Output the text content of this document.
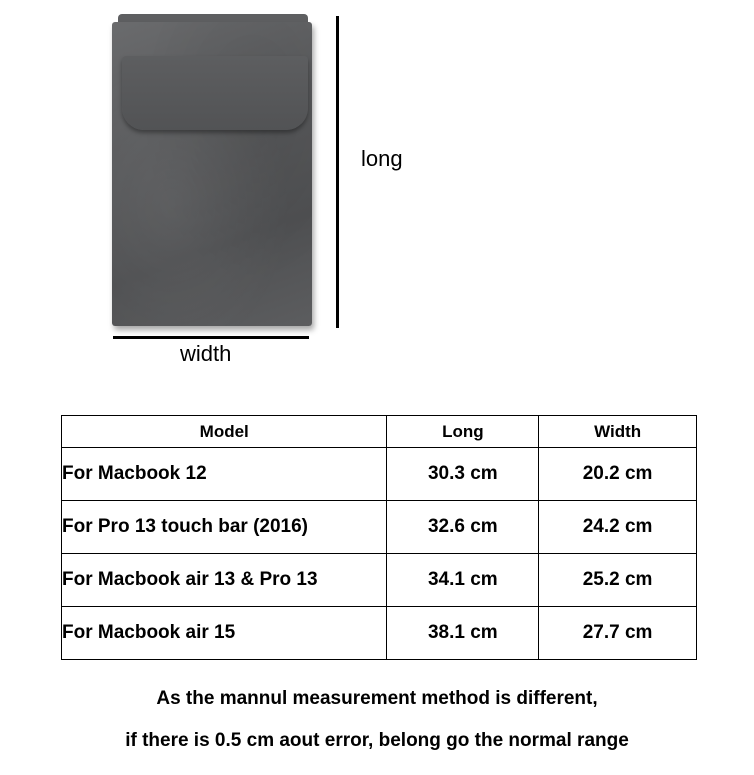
long
width
Model	Long	Width
For Macbook 12	30.3 cm	20.2 cm
For Pro 13 touch bar (2016)	32.6 cm	24.2 cm
For Macbook air 13 & Pro 13	34.1 cm	25.2 cm
For Macbook air 15	38.1 cm	27.7 cm
As the mannul measurement method is different,
if there is 0.5 cm aout error, belong go the normal range
